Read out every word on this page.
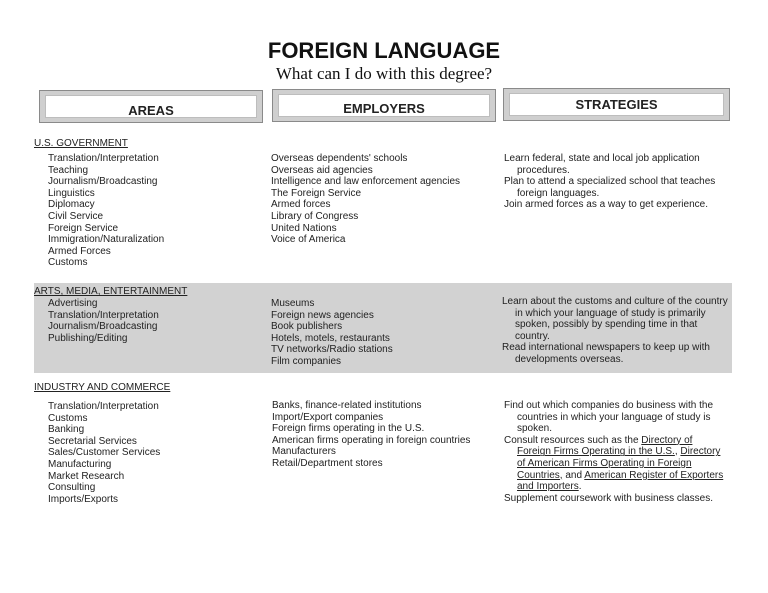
FOREIGN LANGUAGE
What can I do with this degree?
AREAS	EMPLOYERS	STRATEGIES
U.S. GOVERNMENT
Translation/Interpretation
Teaching
Journalism/Broadcasting
Linguistics
Diplomacy
Civil Service
Foreign Service
Immigration/Naturalization
Armed Forces
Customs
Overseas dependents' schools
Overseas aid agencies
Intelligence and law enforcement agencies
The Foreign Service
Armed forces
Library of Congress
United Nations
Voice of America
Learn federal, state and local job application procedures.
Plan to attend a specialized school that teaches foreign languages.
Join armed forces as a way to get experience.
ARTS, MEDIA, ENTERTAINMENT
Advertising
Translation/Interpretation
Journalism/Broadcasting
Publishing/Editing
Museums
Foreign news agencies
Book publishers
Hotels, motels, restaurants
TV networks/Radio stations
Film companies
Learn about the customs and culture of the country in which your language of study is primarily spoken, possibly by spending time in that country.
Read international newspapers to keep up with developments overseas.
INDUSTRY AND COMMERCE
Translation/Interpretation
Customs
Banking
Secretarial Services
Sales/Customer Services
Manufacturing
Market Research
Consulting
Imports/Exports
Banks, finance-related institutions
Import/Export companies
Foreign firms operating in the U.S.
American firms operating in foreign countries
Manufacturers
Retail/Department stores
Find out which companies do business with the countries in which your language of study is spoken.
Consult resources such as the Directory of Foreign Firms Operating in the U.S., Directory of American Firms Operating in Foreign Countries, and American Register of Exporters and Importers.
Supplement coursework with business classes.
